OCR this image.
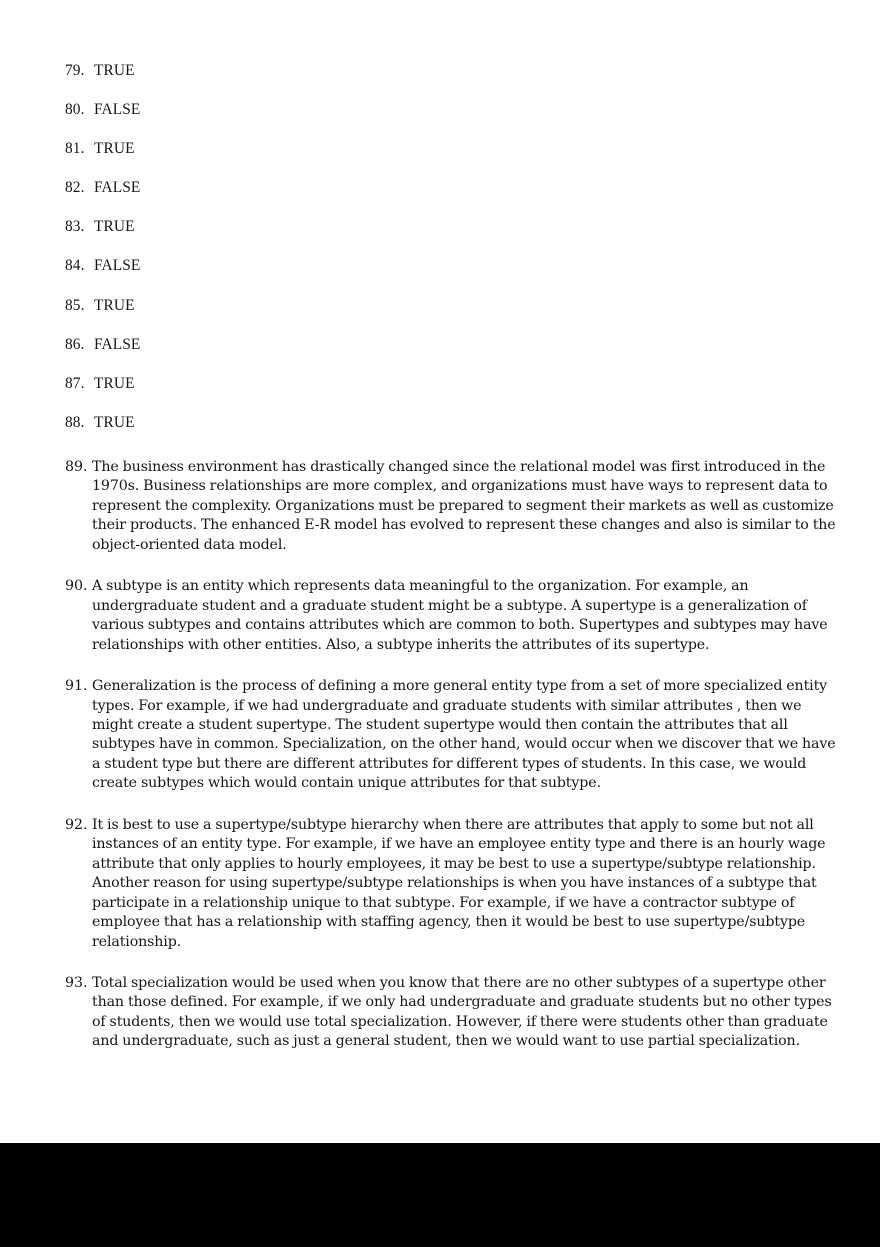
79. TRUE
80. FALSE
81. TRUE
82. FALSE
83. TRUE
84. FALSE
85. TRUE
86. FALSE
87. TRUE
88. TRUE
89. The business environment has drastically changed since the relational model was first introduced in the 1970s. Business relationships are more complex, and organizations must have ways to represent data to represent the complexity. Organizations must be prepared to segment their markets as well as customize their products. The enhanced E-R model has evolved to represent these changes and also is similar to the object-oriented data model.
90. A subtype is an entity which represents data meaningful to the organization. For example, an undergraduate student and a graduate student might be a subtype. A supertype is a generalization of various subtypes and contains attributes which are common to both. Supertypes and subtypes may have relationships with other entities. Also, a subtype inherits the attributes of its supertype.
91. Generalization is the process of defining a more general entity type from a set of more specialized entity types. For example, if we had undergraduate and graduate students with similar attributes , then we might create a student supertype. The student supertype would then contain the attributes that all subtypes have in common. Specialization, on the other hand, would occur when we discover that we have a student type but there are different attributes for different types of students. In this case, we would create subtypes which would contain unique attributes for that subtype.
92. It is best to use a supertype/subtype hierarchy when there are attributes that apply to some but not all instances of an entity type. For example, if we have an employee entity type and there is an hourly wage attribute that only applies to hourly employees, it may be best to use a supertype/subtype relationship. Another reason for using supertype/subtype relationships is when you have instances of a subtype that participate in a relationship unique to that subtype. For example, if we have a contractor subtype of employee that has a relationship with staffing agency, then it would be best to use supertype/subtype relationship.
93. Total specialization would be used when you know that there are no other subtypes of a supertype other than those defined. For example, if we only had undergraduate and graduate students but no other types of students, then we would use total specialization. However, if there were students other than graduate and undergraduate, such as just a general student, then we would want to use partial specialization.
